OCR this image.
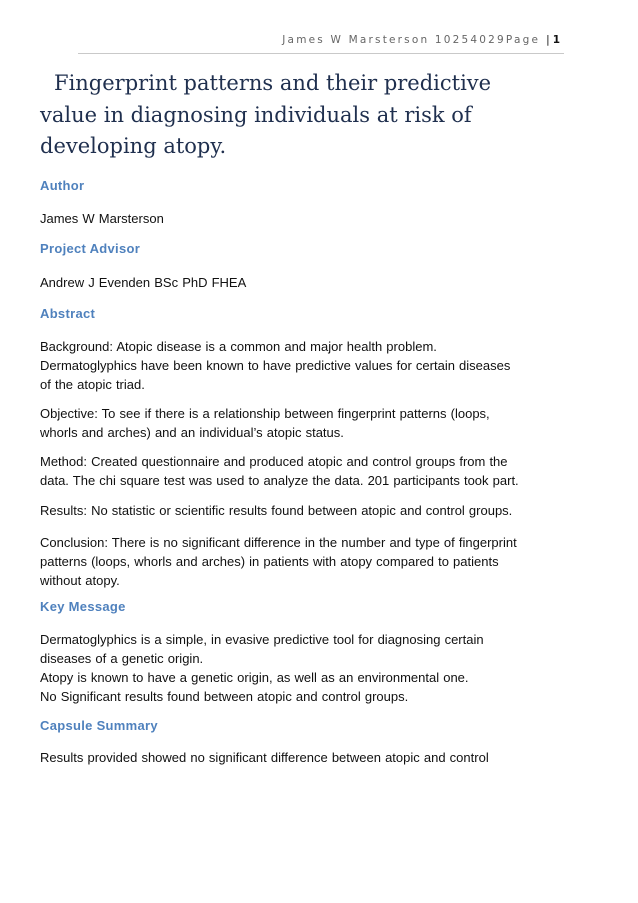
James W Marsterson 10254029Page | 1
Fingerprint patterns and their predictive value in diagnosing individuals at risk of developing atopy.
Author
James W Marsterson
Project Advisor
Andrew J Evenden BSc PhD FHEA
Abstract
Background: Atopic disease is a common and major health problem. Dermatoglyphics have been known to have predictive values for certain diseases of the atopic triad.
Objective: To see if there is a relationship between fingerprint patterns (loops, whorls and arches) and an individual’s atopic status.
Method: Created questionnaire and produced atopic and control groups from the data. The chi square test was used to analyze the data. 201 participants took part.
Results: No statistic or scientific results found between atopic and control groups.
Conclusion: There is no significant difference in the number and type of fingerprint patterns (loops, whorls and arches) in patients with atopy compared to patients without atopy.
Key Message
Dermatoglyphics is a simple, in evasive predictive tool for diagnosing certain diseases of a genetic origin.
Atopy is known to have a genetic origin, as well as an environmental one.
No Significant results found between atopic and control groups.
Capsule Summary
Results provided showed no significant difference between atopic and control
